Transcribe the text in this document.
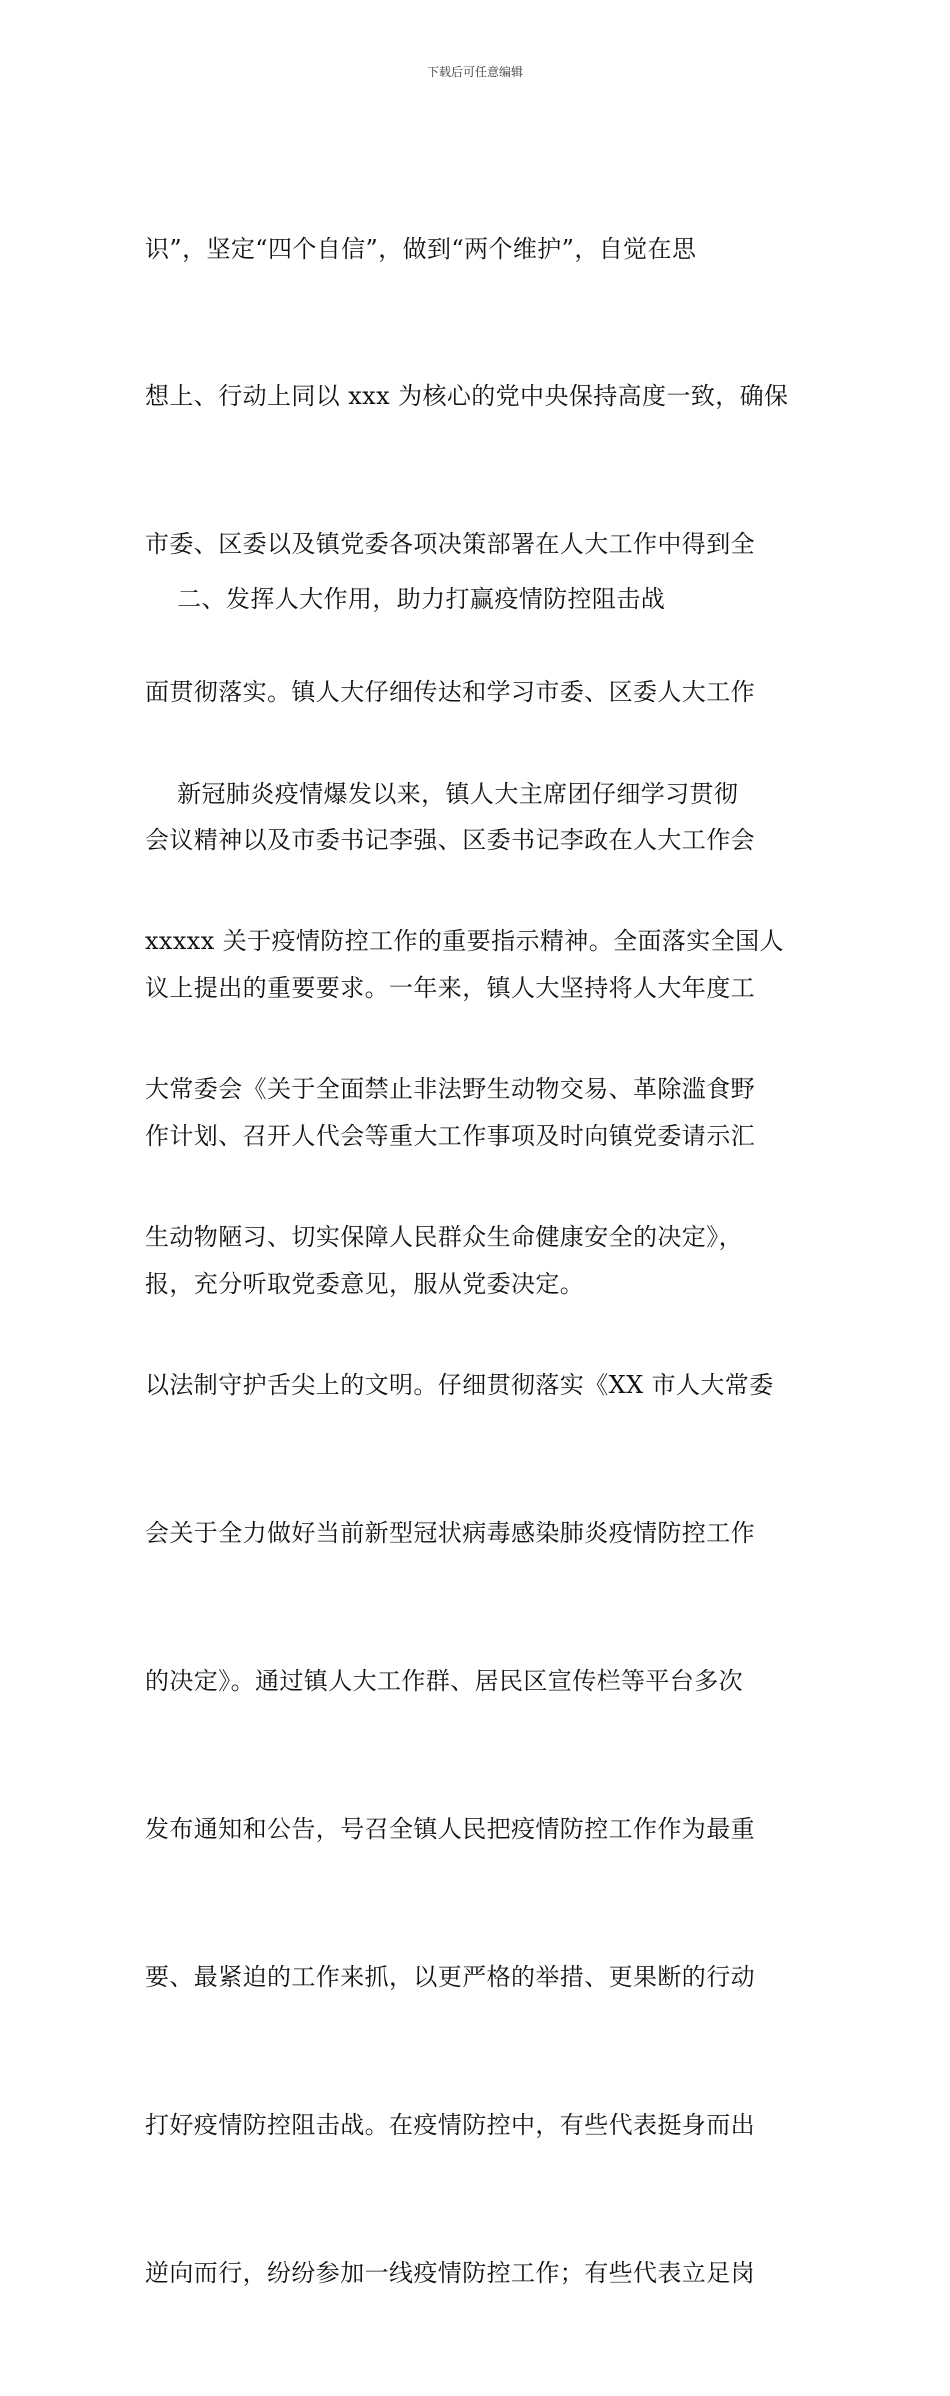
下载后可任意编辑

识”，坚定“四个自信”，做到“两个维护”，自觉在思

想上、行动上同以 xxx 为核心的党中央保持高度一致，确保

市委、区委以及镇党委各项决策部署在人大工作中得到全

面贯彻落实。镇人大仔细传达和学习市委、区委人大工作

会议精神以及市委书记李强、区委书记李政在人大工作会

议上提出的重要要求。一年来，镇人大坚持将人大年度工

作计划、召开人代会等重大工作事项及时向镇党委请示汇

报，充分听取党委意见，服从党委决定。

二、发挥人大作用，助力打赢疫情防控阻击战

新冠肺炎疫情爆发以来，镇人大主席团仔细学习贯彻

xxxxx 关于疫情防控工作的重要指示精神。全面落实全国人

大常委会《关于全面禁止非法野生动物交易、革除滥食野

生动物陋习、切实保障人民群众生命健康安全的决定》，

以法制守护舌尖上的文明。仔细贯彻落实《XX 市人大常委

会关于全力做好当前新型冠状病毒感染肺炎疫情防控工作

的决定》。通过镇人大工作群、居民区宣传栏等平台多次

发布通知和公告，号召全镇人民把疫情防控工作作为最重

要、最紧迫的工作来抓，以更严格的举措、更果断的行动

打好疫情防控阻击战。在疫情防控中，有些代表挺身而出

逆向而行，纷纷参加一线疫情防控工作；有些代表立足岗
